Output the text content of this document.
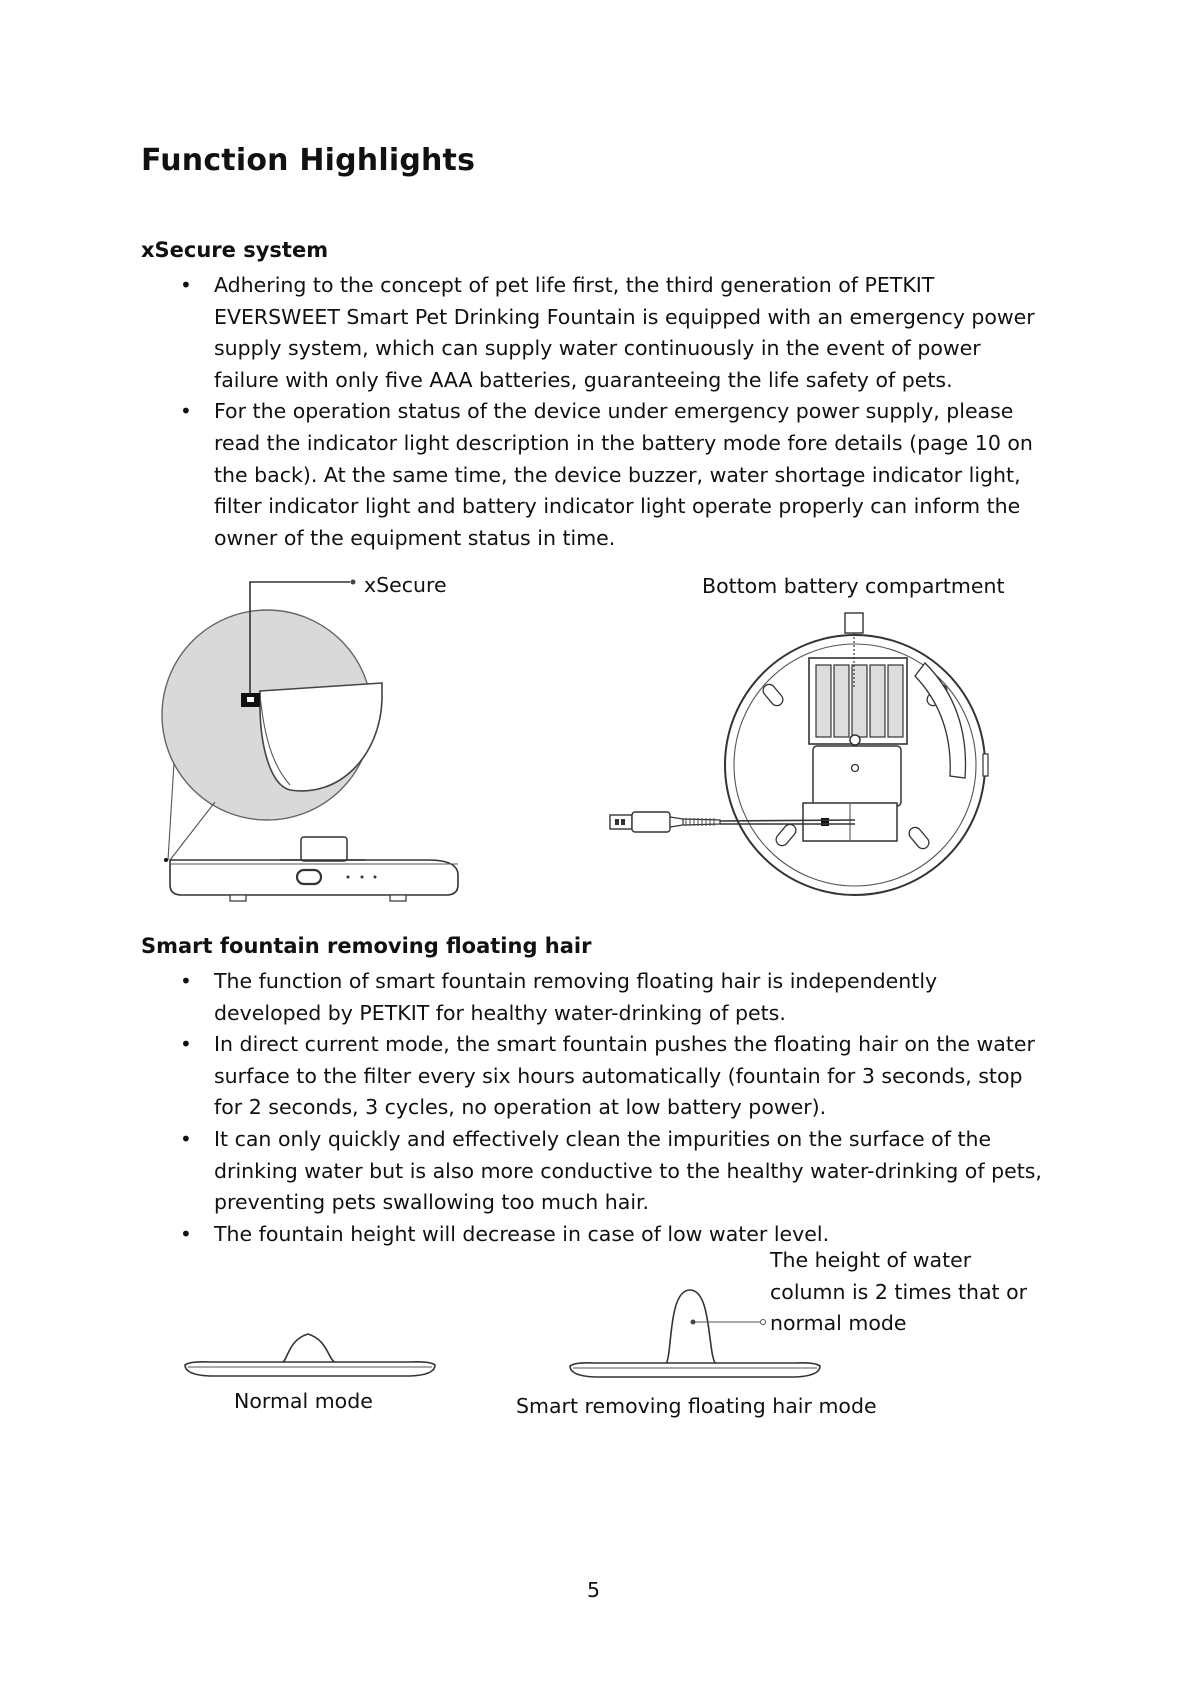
Function Highlights
xSecure system
• Adhering to the concept of pet life first, the third generation of PETKIT EVERSWEET Smart Pet Drinking Fountain is equipped with an emergency power supply system, which can supply water continuously in the event of power failure with only five AAA batteries, guaranteeing the life safety of pets.
• For the operation status of the device under emergency power supply, please read the indicator light description in the battery mode fore details (page 10 on the back). At the same time, the device buzzer, water shortage indicator light, filter indicator light and battery indicator light operate properly can inform the owner of the equipment status in time.
xSecure	Bottom battery compartment
Smart fountain removing floating hair
• The function of smart fountain removing floating hair is independently developed by PETKIT for healthy water-drinking of pets.
• In direct current mode, the smart fountain pushes the floating hair on the water surface to the filter every six hours automatically (fountain for 3 seconds, stop for 2 seconds, 3 cycles, no operation at low battery power).
• It can only quickly and effectively clean the impurities on the surface of the drinking water but is also more conductive to the healthy water-drinking of pets, preventing pets swallowing too much hair.
• The fountain height will decrease in case of low water level.
The height of water column is 2 times that or normal mode
Normal mode	Smart removing floating hair mode
5
